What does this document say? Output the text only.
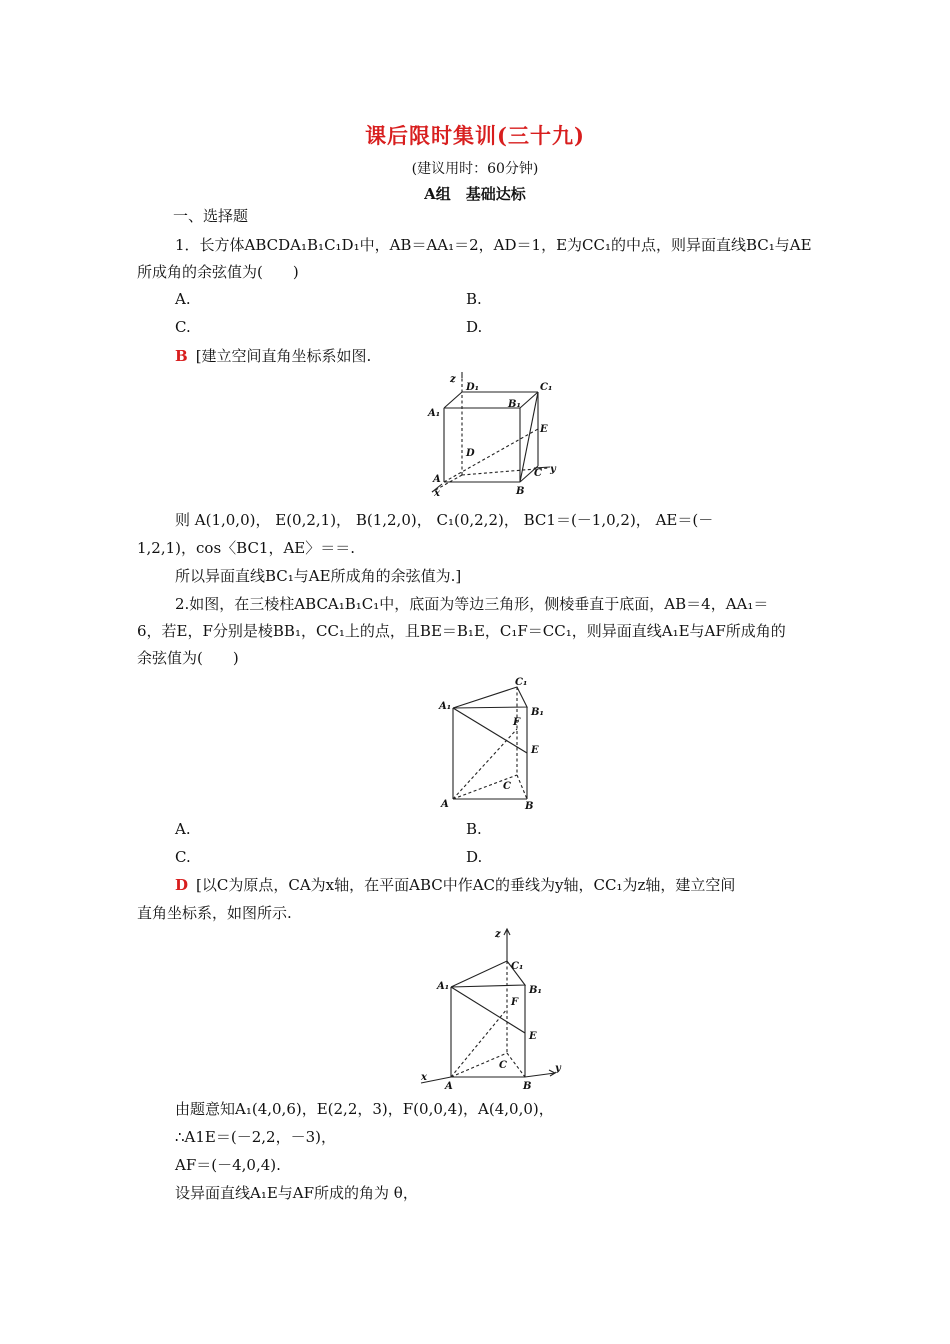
课后限时集训(三十九)
(建议用时：60分钟)
A组　基础达标
一、选择题
1．长方体ABCDA₁B₁C₁D₁中，AB＝AA₁＝2，AD＝1，E为CC₁的中点，则异面直线BC₁与AE
所成角的余弦值为(　　)
A.	B.
C.	D.
B [建立空间直角坐标系如图.
z
D₁	C₁
A₁
B₁
E
D
C y
A
x	B
则 A(1,0,0)， E(0,2,1)， B(1,2,0)， C₁(0,2,2)， BC1＝(－1,0,2)， AE＝(－
1,2,1)，cos〈BC1，AE〉＝＝.
所以异面直线BC₁与AE所成角的余弦值为.]
2.如图，在三棱柱ABCA₁B₁C₁中，底面为等边三角形，侧棱垂直于底面，AB＝4，AA₁＝
6，若E，F分别是棱BB₁，CC₁上的点，且BE＝B₁E，C₁F＝CC₁，则异面直线A₁E与AF所成角的
余弦值为(　　)
C₁
A₁
B₁
F
E
C
A	B
A.	B.
C.	D.
D [以C为原点，CA为x轴，在平面ABC中作AC的垂线为y轴，CC₁为z轴，建立空间
直角坐标系，如图所示.
z
C₁
A₁	B₁
F
E
C
x
A	B
y
由题意知A₁(4,0,6)，E(2,2，3)，F(0,0,4)，A(4,0,0)，
∴A1E＝(－2,2，－3)，
AF＝(－4,0,4).
设异面直线A₁E与AF所成的角为 θ，
